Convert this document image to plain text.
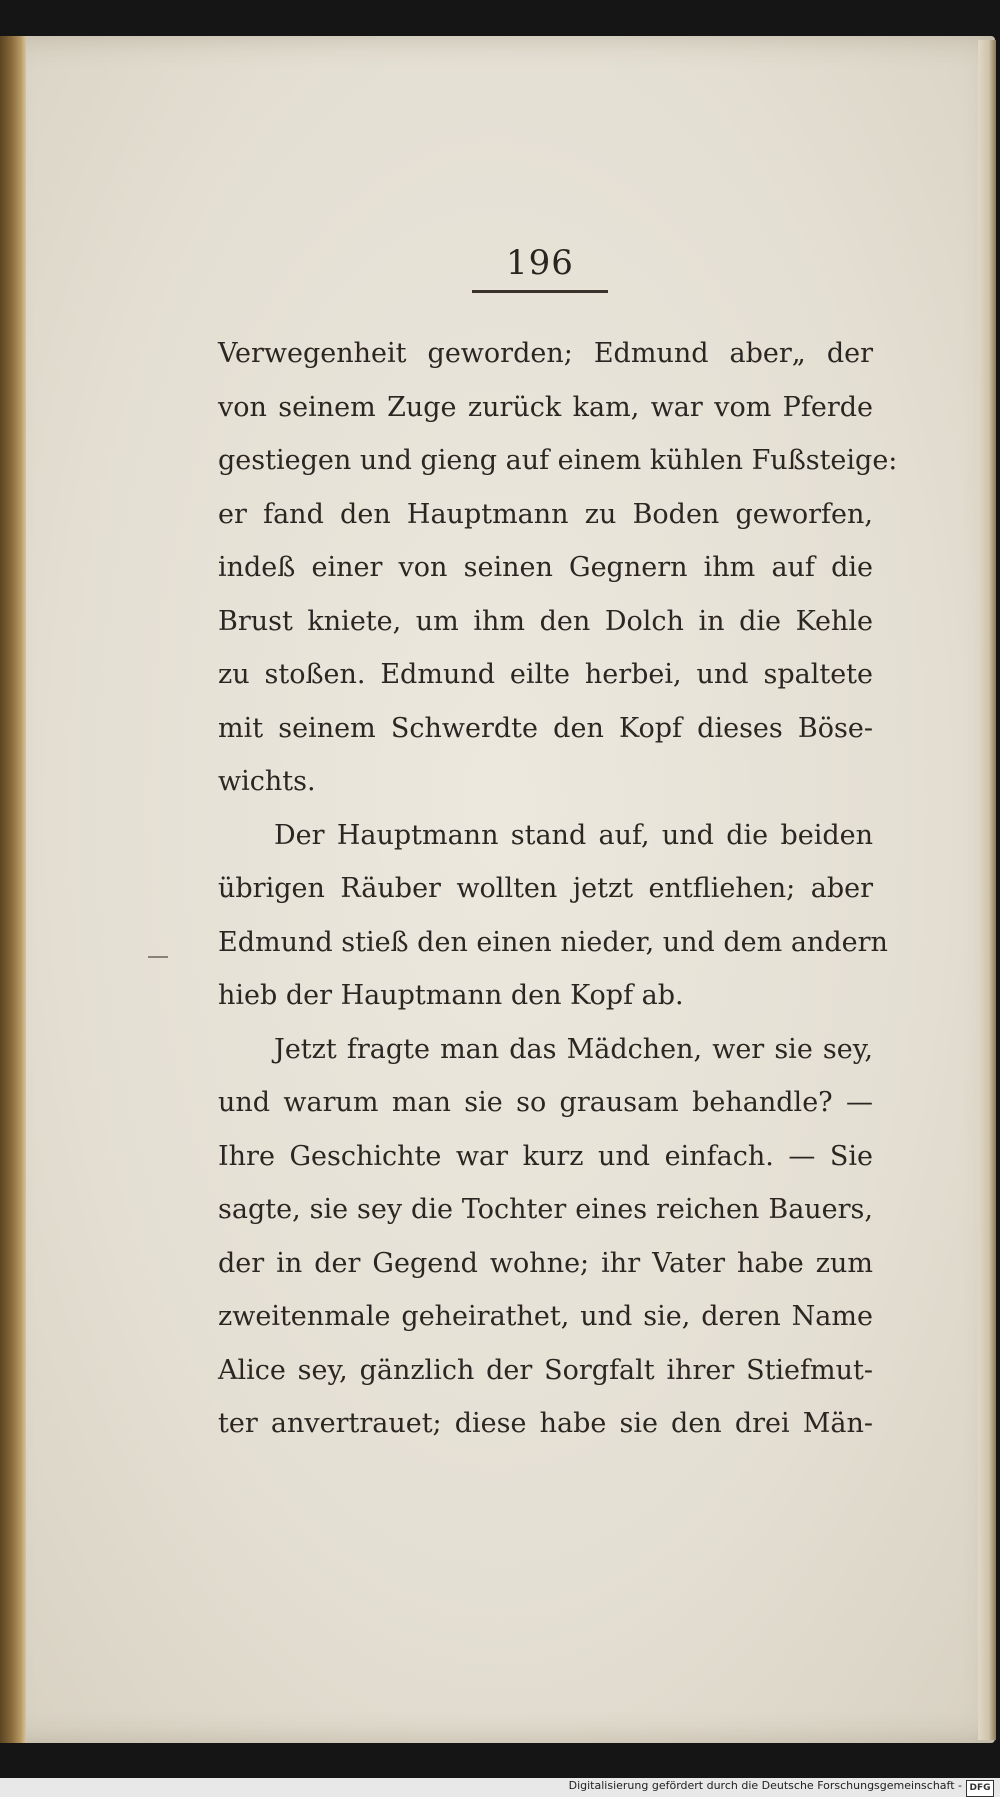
196
Verwegenheit geworden; Edmund aber„ der
von seinem Zuge zurück kam, war vom Pferde
gestiegen und gieng auf einem kühlen Fußsteige:
er fand den Hauptmann zu Boden geworfen,
indeß einer von seinen Gegnern ihm auf die
Brust kniete, um ihm den Dolch in die Kehle
zu stoßen. Edmund eilte herbei, und spaltete
mit seinem Schwerdte den Kopf dieses Böse-
wichts.
Der Hauptmann stand auf, und die beiden
übrigen Räuber wollten jetzt entfliehen; aber
Edmund stieß den einen nieder, und dem andern
hieb der Hauptmann den Kopf ab.
Jetzt fragte man das Mädchen, wer sie sey,
und warum man sie so grausam behandle? —
Ihre Geschichte war kurz und einfach. — Sie
sagte, sie sey die Tochter eines reichen Bauers,
der in der Gegend wohne; ihr Vater habe zum
zweitenmale geheirathet, und sie, deren Name
Alice sey, gänzlich der Sorgfalt ihrer Stiefmut-
ter anvertrauet; diese habe sie den drei Män-
Digitalisierung gefördert durch die Deutsche Forschungsgemeinschaft - DFG
